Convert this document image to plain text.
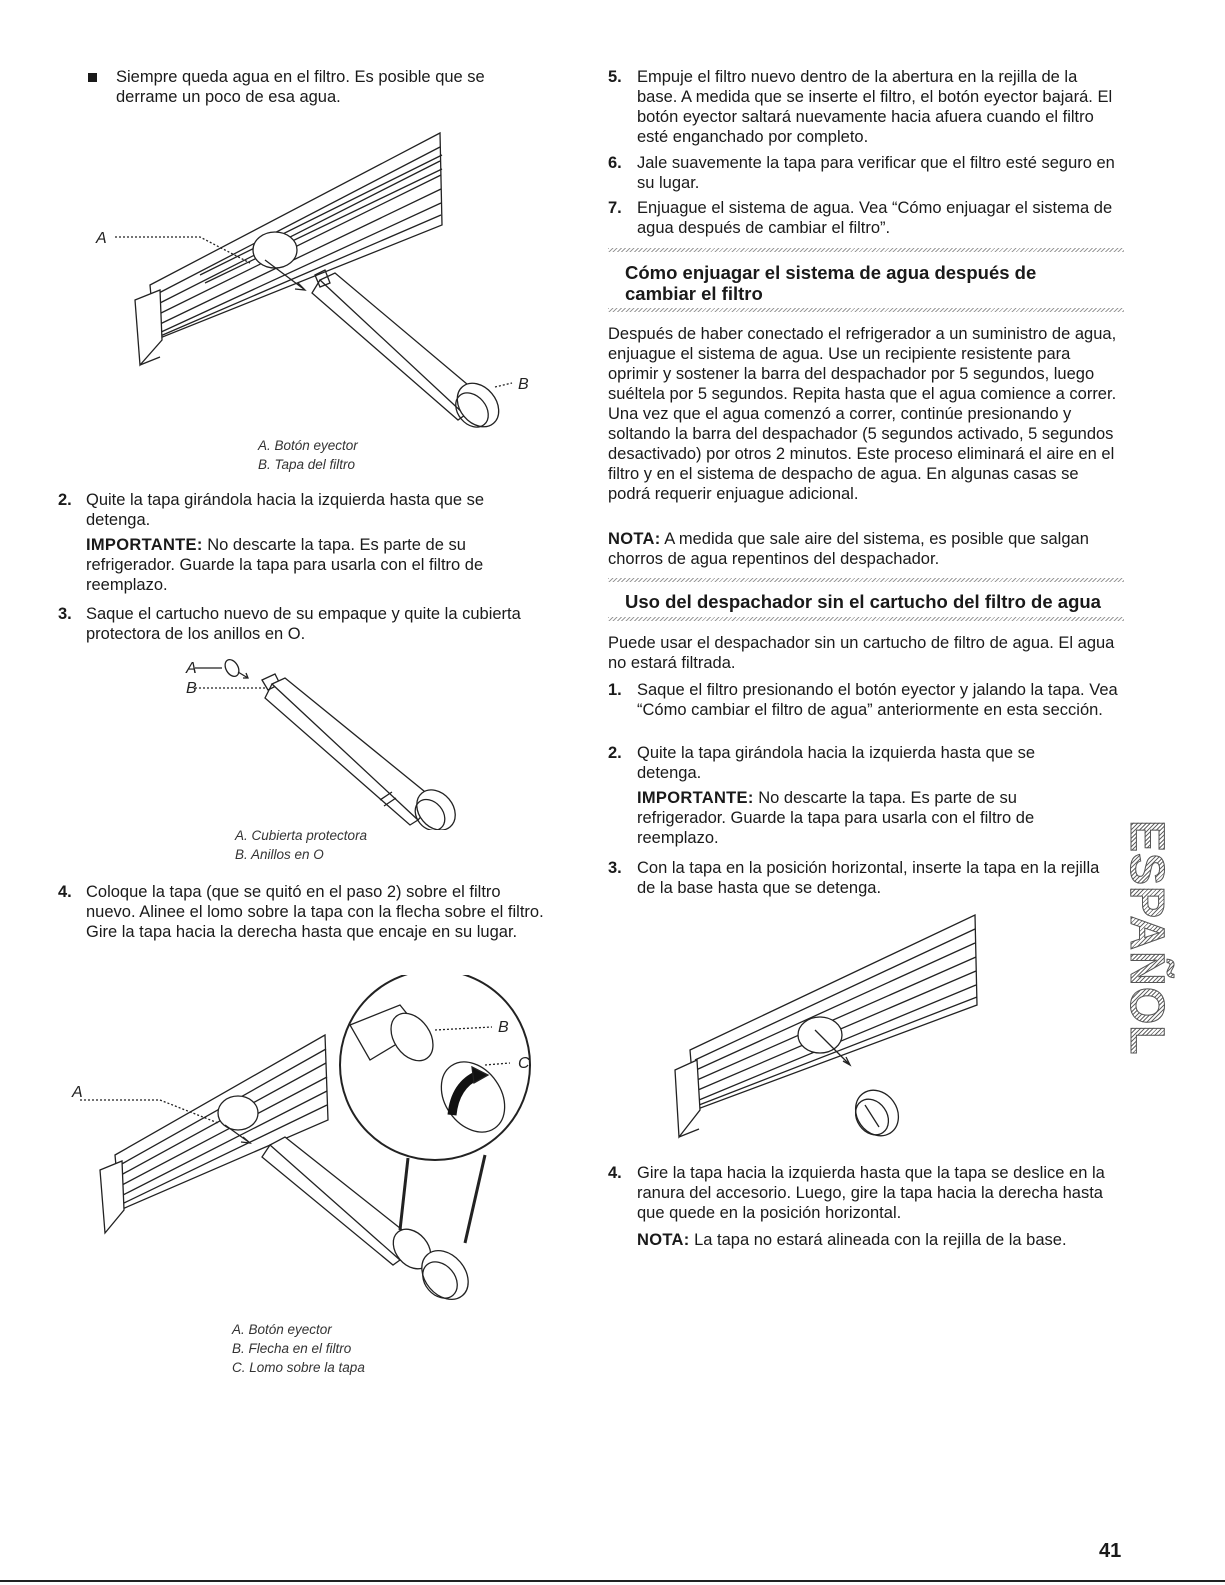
Siempre queda agua en el filtro. Es posible que se derrame un poco de esa agua.
A
B
A. Botón eyector
B. Tapa del filtro
2. Quite la tapa girándola hacia la izquierda hasta que se detenga.
IMPORTANTE: No descarte la tapa. Es parte de su refrigerador. Guarde la tapa para usarla con el filtro de reemplazo.
3. Saque el cartucho nuevo de su empaque y quite la cubierta protectora de los anillos en O.
A
B
A. Cubierta protectora
B. Anillos en O
4. Coloque la tapa (que se quitó en el paso 2) sobre el filtro nuevo. Alinee el lomo sobre la tapa con la flecha sobre el filtro. Gire la tapa hacia la derecha hasta que encaje en su lugar.
A
B
C
A. Botón eyector
B. Flecha en el filtro
C. Lomo sobre la tapa
5. Empuje el filtro nuevo dentro de la abertura en la rejilla de la base. A medida que se inserte el filtro, el botón eyector bajará. El botón eyector saltará nuevamente hacia afuera cuando el filtro esté enganchado por completo.
6. Jale suavemente la tapa para verificar que el filtro esté seguro en su lugar.
7. Enjuague el sistema de agua. Vea “Cómo enjuagar el sistema de agua después de cambiar el filtro”.
Cómo enjuagar el sistema de agua después de cambiar el filtro
Después de haber conectado el refrigerador a un suministro de agua, enjuague el sistema de agua. Use un recipiente resistente para oprimir y sostener la barra del despachador por 5 segundos, luego suéltela por 5 segundos. Repita hasta que el agua comience a correr. Una vez que el agua comenzó a correr, continúe presionando y soltando la barra del despachador (5 segundos activado, 5 segundos desactivado) por otros 2 minutos. Este proceso eliminará el aire en el filtro y en el sistema de despacho de agua. En algunas casas se podrá requerir enjuague adicional.
NOTA: A medida que sale aire del sistema, es posible que salgan chorros de agua repentinos del despachador.
Uso del despachador sin el cartucho del filtro de agua
Puede usar el despachador sin un cartucho de filtro de agua. El agua no estará filtrada.
1. Saque el filtro presionando el botón eyector y jalando la tapa. Vea “Cómo cambiar el filtro de agua” anteriormente en esta sección.
2. Quite la tapa girándola hacia la izquierda hasta que se detenga.
IMPORTANTE: No descarte la tapa. Es parte de su refrigerador. Guarde la tapa para usarla con el filtro de reemplazo.
3. Con la tapa en la posición horizontal, inserte la tapa en la rejilla de la base hasta que se detenga.
4. Gire la tapa hacia la izquierda hasta que la tapa se deslice en la ranura del accesorio. Luego, gire la tapa hacia la derecha hasta que quede en la posición horizontal.
NOTA: La tapa no estará alineada con la rejilla de la base.
ESPAÑOL
41
